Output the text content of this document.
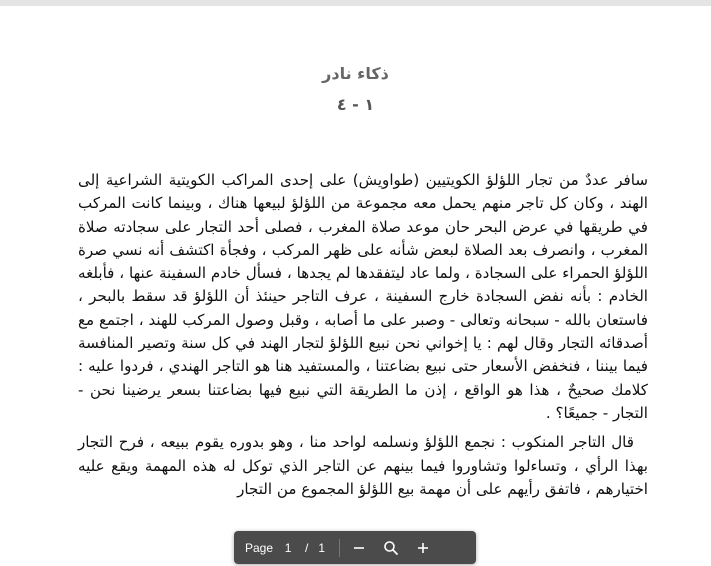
ذكاء نادر
١ - ٤

سافر عددٌ من تجار اللؤلؤ الكويتيين (طواويش) على إحدى المراكب الكويتية الشراعية إلى الهند ، وكان كل تاجر منهم يحمل معه مجموعة من اللؤلؤ لبيعها هناك ، وبينما كانت المركب في طريقها في عرض البحر حان موعد صلاة المغرب ، فصلى أحد التجار على سجادته صلاة المغرب ، وانصرف بعد الصلاة لبعض شأنه على ظهر المركب ، وفجأة اكتشف أنه نسي صرة اللؤلؤ الحمراء على السجادة ، ولما عاد ليتفقدها لم يجدها ، فسأل خادم السفينة عنها ، فأبلغه الخادم : بأنه نفض السجادة خارج السفينة ، عرف التاجر حينئذ أن اللؤلؤ قد سقط بالبحر ، فاستعان بالله - سبحانه وتعالى - وصبر على ما أصابه ، وقبل وصول المركب للهند ، اجتمع مع أصدقائه التجار وقال لهم : يا إخواني نحن نبيع اللؤلؤ لتجار الهند في كل سنة وتصير المنافسة فيما بيننا ، فنخفض الأسعار حتى نبيع بضاعتنا ، والمستفيد هنا هو التاجر الهندي ، فردوا عليه : كلامك صحيحٌ ، هذا هو الواقع ، إذن ما الطريقة التي نبيع فيها بضاعتنا بسعر يرضينا نحن - التجار - جميعًا؟ .

قال التاجر المنكوب : نجمع اللؤلؤ ونسلمه لواحد منا ، وهو بدوره يقوم ببيعه ، فرح التجار بهذا الرأي ، وتساءلوا وتشاوروا فيما بينهم عن التاجر الذي توكل له هذه المهمة ويقع عليه اختيارهم ، فاتفق رأيهم على أن مهمة بيع اللؤلؤ المجموع من التجار

Page
1	/ 1
